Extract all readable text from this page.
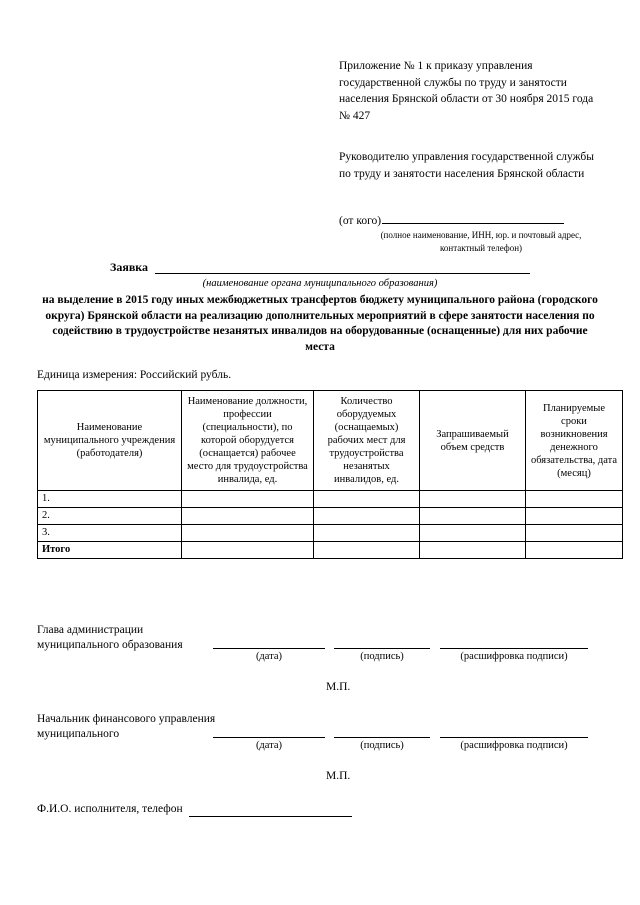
Приложение № 1 к приказу управления государственной службы по труду и занятости населения Брянской области от 30 ноября 2015 года № 427
Руководителю управления государственной службы по труду и занятости населения Брянской области
(от кого)
(полное наименование, ИНН, юр. и почтовый адрес,
контактный телефон)
Заявка
(наименование органа муниципального образования)
на выделение в 2015 году иных межбюджетных трансфертов бюджету муниципального района (городского округа) Брянской области на реализацию дополнительных мероприятий в сфере занятости населения по содействию в трудоустройстве незанятых инвалидов на оборудованные (оснащенные) для них рабочие места
Единица измерения: Российский рубль.
Наименование муниципального учреждения (работодателя)	Наименование должности, профессии (специальности), по которой оборудуется (оснащается) рабочее место для трудоустройства инвалида, ед.	Количество оборудуемых (оснащаемых) рабочих мест для трудоустройства незанятых инвалидов, ед.	Запрашиваемый объем средств	Планируемые сроки возникновения денежного обязательства, дата (месяц)
1.				
2.				
3.				
Итого				
Глава администрации
муниципального образования
(дата)	(подпись)	(расшифровка подписи)
М.П.
Начальник финансового управления
муниципального
(дата)	(подпись)	(расшифровка подписи)
М.П.
Ф.И.О. исполнителя, телефон
